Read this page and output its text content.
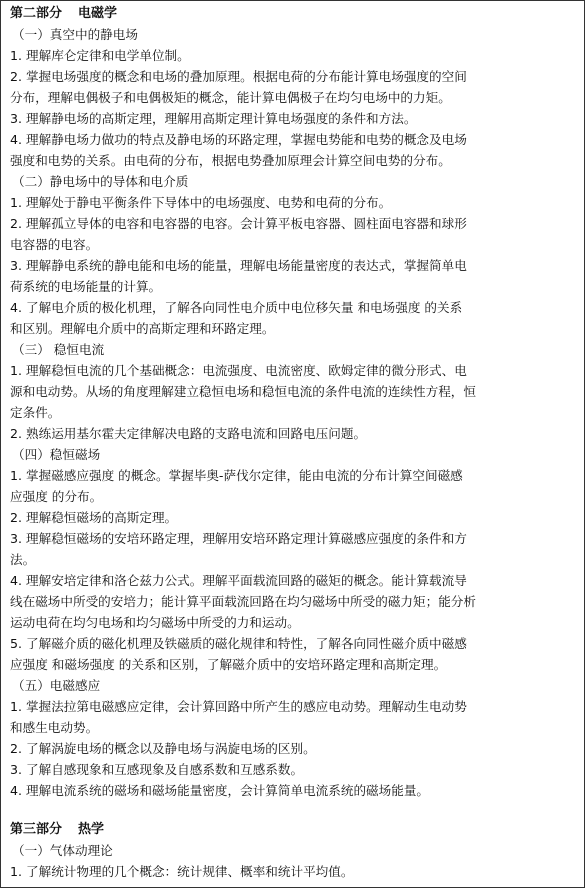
第二部分 电磁学
（一）真空中的静电场
1. 理解库仑定律和电学单位制。
2. 掌握电场强度的概念和电场的叠加原理。根据电荷的分布能计算电场强度的空间
分布，理解电偶极子和电偶极矩的概念，能计算电偶极子在均匀电场中的力矩。
3. 理解静电场的高斯定理，理解用高斯定理计算电场强度的条件和方法。
4. 理解静电场力做功的特点及静电场的环路定理，掌握电势能和电势的概念及电场
强度和电势的关系。由电荷的分布，根据电势叠加原理会计算空间电势的分布。
（二）静电场中的导体和电介质
1. 理解处于静电平衡条件下导体中的电场强度、电势和电荷的分布。
2. 理解孤立导体的电容和电容器的电容。会计算平板电容器、圆柱面电容器和球形
电容器的电容。
3. 理解静电系统的静电能和电场的能量，理解电场能量密度的表达式，掌握简单电
荷系统的电场能量的计算。
4. 了解电介质的极化机理，了解各向同性电介质中电位移矢量 和电场强度 的关系
和区别。理解电介质中的高斯定理和环路定理。
（三） 稳恒电流
1. 理解稳恒电流的几个基础概念：电流强度、电流密度、欧姆定律的微分形式、电
源和电动势。从场的角度理解建立稳恒电场和稳恒电流的条件电流的连续性方程，恒
定条件。
2. 熟练运用基尔霍夫定律解决电路的支路电流和回路电压问题。
（四）稳恒磁场
1. 掌握磁感应强度 的概念。掌握毕奥-萨伐尔定律，能由电流的分布计算空间磁感
应强度 的分布。
2. 理解稳恒磁场的高斯定理。
3. 理解稳恒磁场的安培环路定理，理解用安培环路定理计算磁感应强度的条件和方
法。
4. 理解安培定律和洛仑兹力公式。理解平面载流回路的磁矩的概念。能计算载流导
线在磁场中所受的安培力；能计算平面载流回路在均匀磁场中所受的磁力矩；能分析
运动电荷在均匀电场和均匀磁场中所受的力和运动。
5. 了解磁介质的磁化机理及铁磁质的磁化规律和特性，了解各向同性磁介质中磁感
应强度 和磁场强度 的关系和区别，了解磁介质中的安培环路定理和高斯定理。
（五）电磁感应
1. 掌握法拉第电磁感应定律，会计算回路中所产生的感应电动势。理解动生电动势
和感生电动势。
2. 了解涡旋电场的概念以及静电场与涡旋电场的区别。
3. 了解自感现象和互感现象及自感系数和互感系数。
4. 理解电流系统的磁场和磁场能量密度，会计算简单电流系统的磁场能量。
第三部分 热学
（一）气体动理论
1. 了解统计物理的几个概念：统计规律、概率和统计平均值。
